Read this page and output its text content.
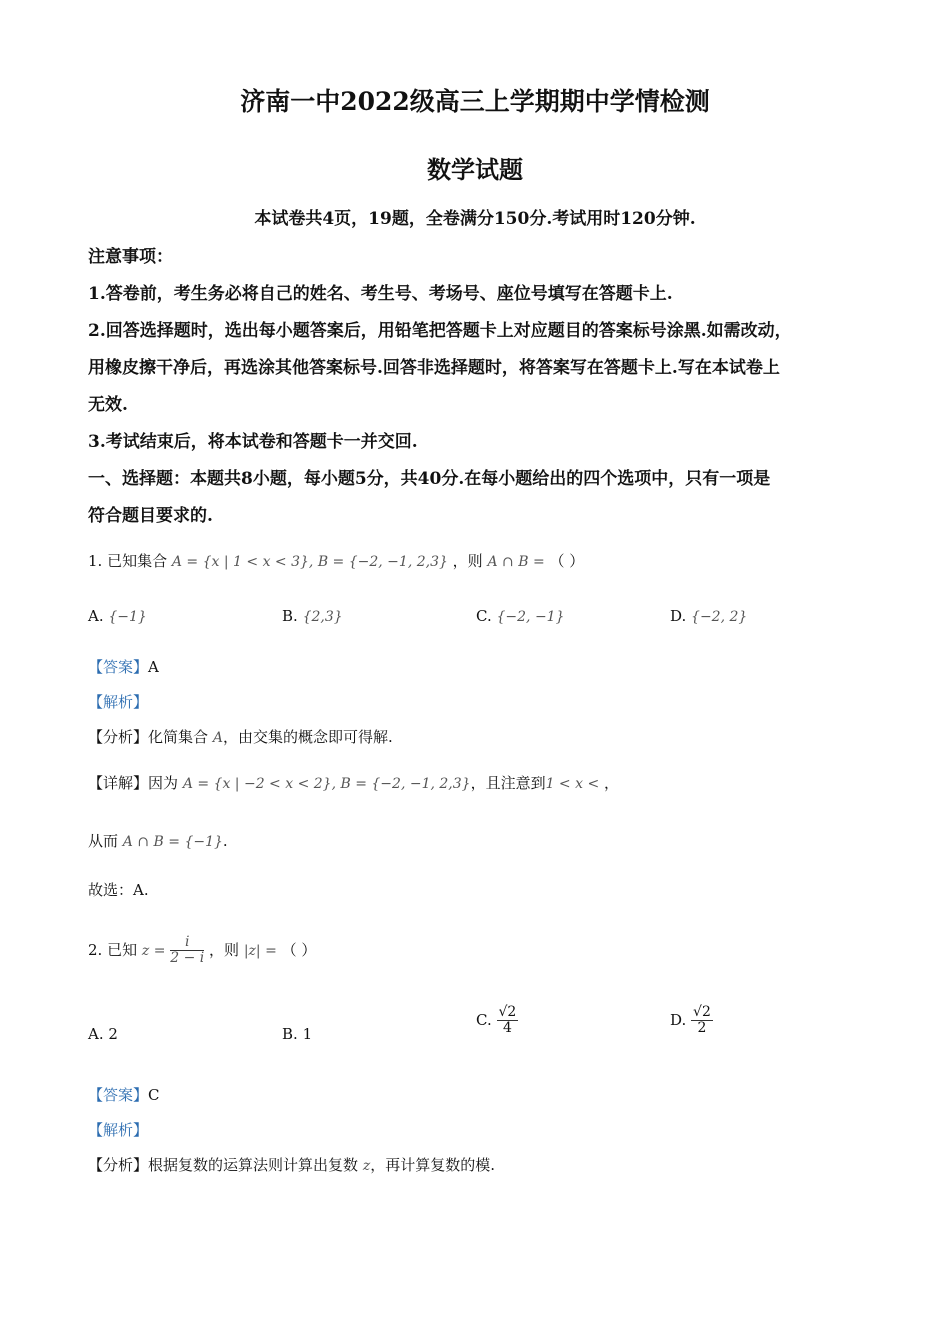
济南一中2022级高三上学期期中学情检测
数学试题
本试卷共4页，19题，全卷满分150分.考试用时120分钟.
注意事项：
1.答卷前，考生务必将自己的姓名、考生号、考场号、座位号填写在答题卡上.
2.回答选择题时，选出每小题答案后，用铅笔把答题卡上对应题目的答案标号涂黑.如需改动，
用橡皮擦干净后，再选涂其他答案标号.回答非选择题时，将答案写在答题卡上.写在本试卷上
无效.
3.考试结束后，将本试卷和答题卡一并交回.
一、选择题：本题共8小题，每小题5分，共40分.在每小题给出的四个选项中，只有一项是
符合题目要求的.
1. 已知集合 A = {x | 1 < x < 3}, B = {−2, −1, 2,3} ，则 A ∩ B = （ ）
A. {−1}	B. {2,3}	C. {−2, −1}	D. {−2, 2}
【答案】A
【解析】
【分析】化简集合 A，由交集的概念即可得解.
【详解】因为 A = {x | −2 < x < 2}, B = {−2, −1, 2,3}，且注意到1 < x < ，
从而 A ∩ B = {−1}.
故选：A.
2. 已知 $z = \frac{i}{2 - i}$ ，则 |z| = （ ）
A. 2	B. 1
C. $\frac{√2}{4}$	D. $\frac{√2}{2}$
【答案】C
【解析】
【分析】根据复数的运算法则计算出复数 z，再计算复数的模.
